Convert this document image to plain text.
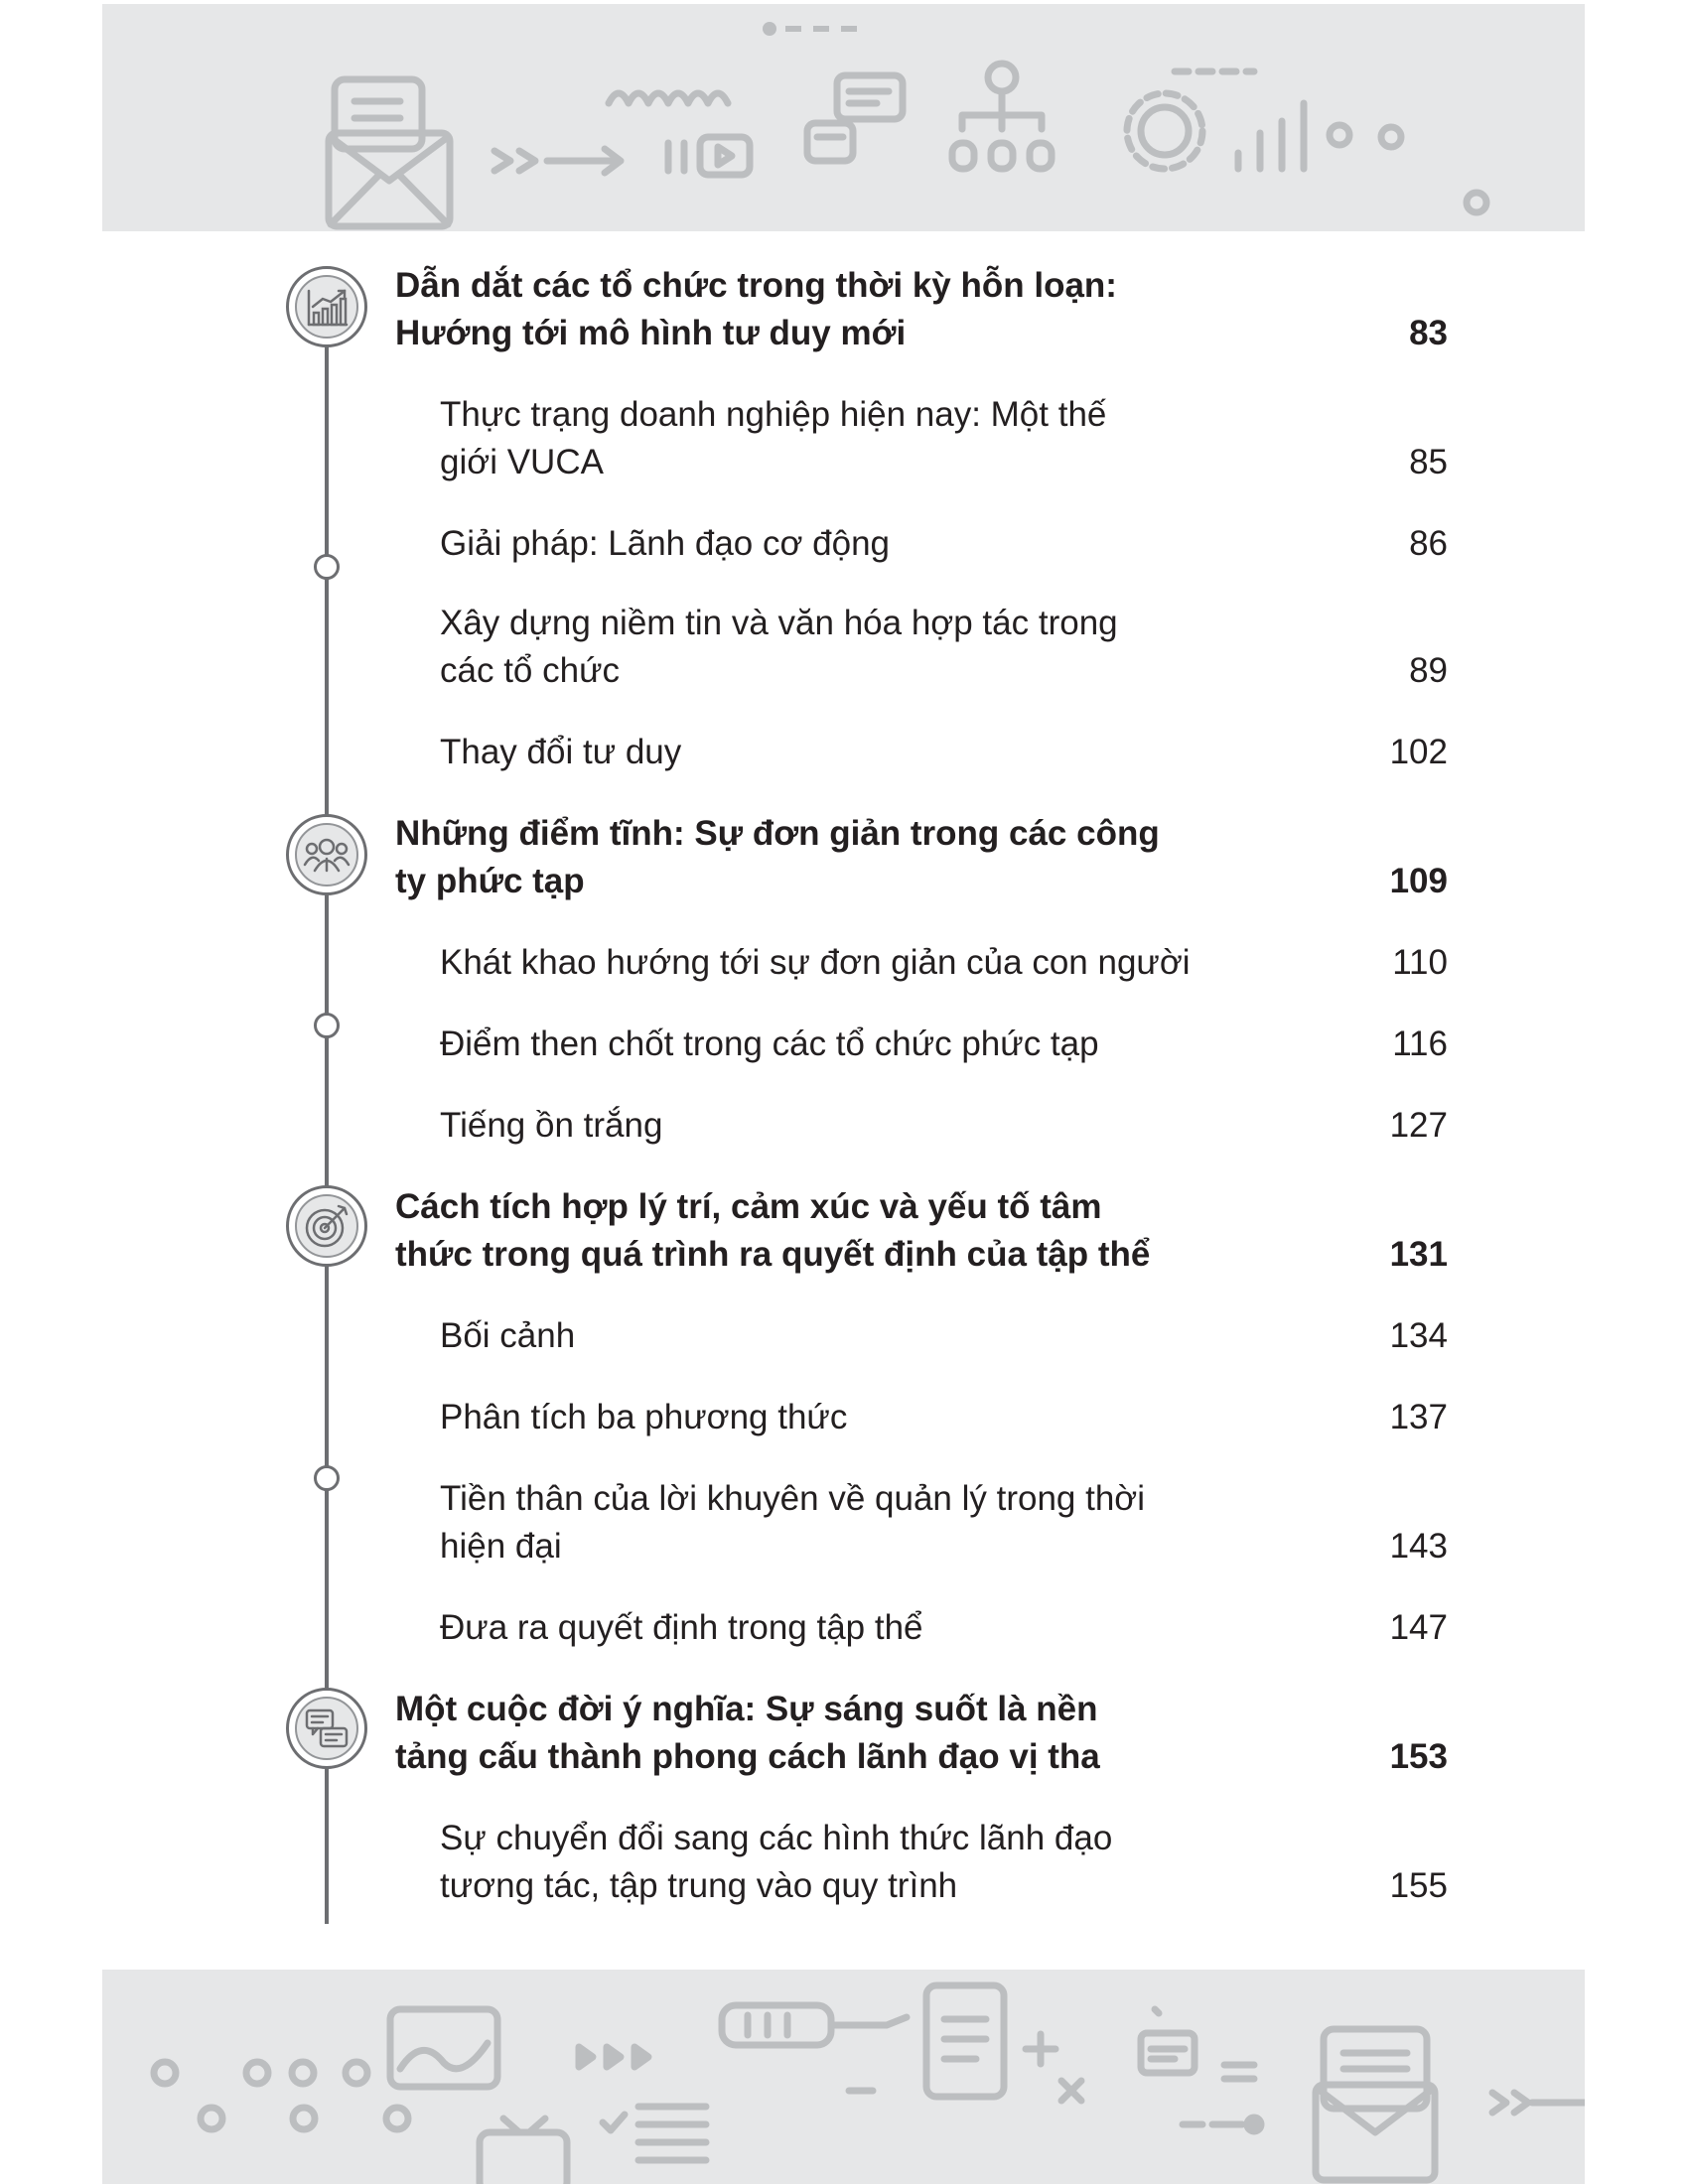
Dẫn dắt các tổ chức trong thời kỳ hỗn loạn:
Hướng tới mô hình tư duy mới	83
Thực trạng doanh nghiệp hiện nay: Một thế
giới VUCA	85
Giải pháp: Lãnh đạo cơ động	86
Xây dựng niềm tin và văn hóa hợp tác trong
các tổ chức	89
Thay đổi tư duy	102
Những điểm tĩnh: Sự đơn giản trong các công
ty phức tạp	109
Khát khao hướng tới sự đơn giản của con người	110
Điểm then chốt trong các tổ chức phức tạp	116
Tiếng ồn trắng	127
Cách tích hợp lý trí, cảm xúc và yếu tố tâm
thức trong quá trình ra quyết định của tập thể	131
Bối cảnh	134
Phân tích ba phương thức	137
Tiền thân của lời khuyên về quản lý trong thời
hiện đại	143
Đưa ra quyết định trong tập thể	147
Một cuộc đời ý nghĩa: Sự sáng suốt là nền
tảng cấu thành phong cách lãnh đạo vị tha	153
Sự chuyển đổi sang các hình thức lãnh đạo
tương tác, tập trung vào quy trình	155
